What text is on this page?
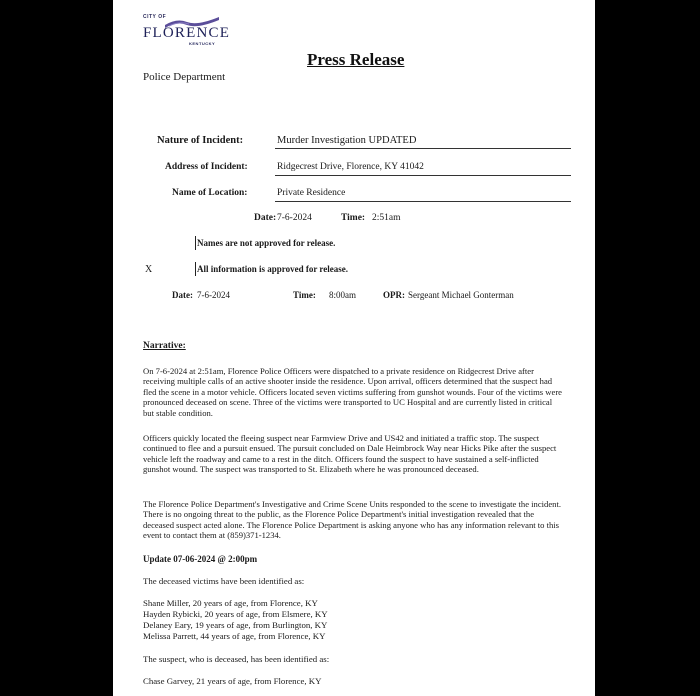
CITY OF
FLORENCE
KENTUCKY
Press Release
Police Department
Nature of Incident:	Murder Investigation UPDATED
Address of Incident:	Ridgecrest Drive, Florence, KY 41042
Name of Location:	Private Residence
Date: 7-6-2024	Time: 2:51am
Names are not approved for release.
X	All information is approved for release.
Date: 7-6-2024	Time: 8:00am	OPR: Sergeant Michael Gonterman
Narrative:
On 7-6-2024 at 2:51am, Florence Police Officers were dispatched to a private residence on Ridgecrest Drive after receiving multiple calls of an active shooter inside the residence. Upon arrival, officers determined that the suspect had fled the scene in a motor vehicle. Officers located seven victims suffering from gunshot wounds. Four of the victims were pronounced deceased on scene. Three of the victims were transported to UC Hospital and are currently listed in critical but stable condition.
Officers quickly located the fleeing suspect near Farmview Drive and US42 and initiated a traffic stop. The suspect continued to flee and a pursuit ensued. The pursuit concluded on Dale Heimbrock Way near Hicks Pike after the suspect vehicle left the roadway and came to a rest in the ditch. Officers found the suspect to have sustained a self-inflicted gunshot wound. The suspect was transported to St. Elizabeth where he was pronounced deceased.
The Florence Police Department's Investigative and Crime Scene Units responded to the scene to investigate the incident. There is no ongoing threat to the public, as the Florence Police Department's initial investigation revealed that the deceased suspect acted alone. The Florence Police Department is asking anyone who has any information relevant to this event to contact them at (859)371-1234.
Update 07-06-2024 @ 2:00pm
The deceased victims have been identified as:
Shane Miller, 20 years of age, from Florence, KY
Hayden Rybicki, 20 years of age, from Elsmere, KY
Delaney Eary, 19 years of age, from Burlington, KY
Melissa Parrett, 44 years of age, from Florence, KY
The suspect, who is deceased, has been identified as:
Chase Garvey, 21 years of age, from Florence, KY
